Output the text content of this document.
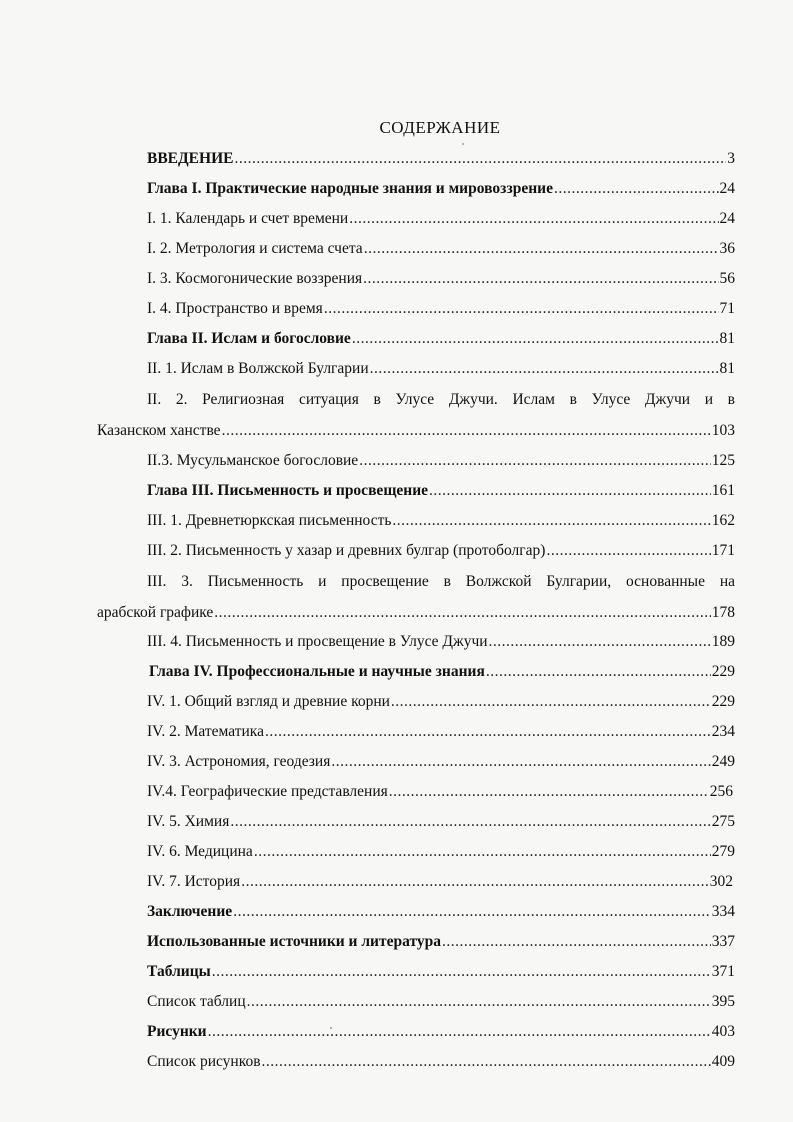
СОДЕРЖАНИЕ
ВВЕДЕНИЕ .....	3
Глава I. Практические народные знания и мировоззрение .....	24
I. 1. Календарь и счет времени .....	24
I. 2. Метрология и система счета .....	36
I. 3. Космогонические воззрения .....	56
I. 4. Пространство и время .....	71
Глава II. Ислам и богословие .....	81
II. 1. Ислам в Волжской Булгарии .....	81
II. 2. Религиозная ситуация в Улусе Джучи. Ислам в Улусе Джучи и в
Казанском ханстве .....	103
II.3. Мусульманское богословие .....	125
Глава III. Письменность и просвещение .....	161
III. 1. Древнетюркская письменность .....	162
III. 2. Письменность у хазар и древних булгар (протоболгар) .....	171
III. 3. Письменность и просвещение в Волжской Булгарии, основанные на
арабской графике .....	178
III. 4. Письменность и просвещение в Улусе Джучи .....	189
Глава IV. Профессиональные и научные знания .....	229
IV. 1. Общий взгляд и древние корни .....	229
IV. 2. Математика .....	234
IV. 3. Астрономия, геодезия .....	249
IV.4. Географические представления .....	256
IV. 5. Химия .....	275
IV. 6. Медицина .....	279
IV. 7. История .....	302
Заключение .....	334
Использованные источники и литература .....	337
Таблицы .....	371
Список таблиц .....	395
Рисунки .....	403
Список рисунков .....	409
